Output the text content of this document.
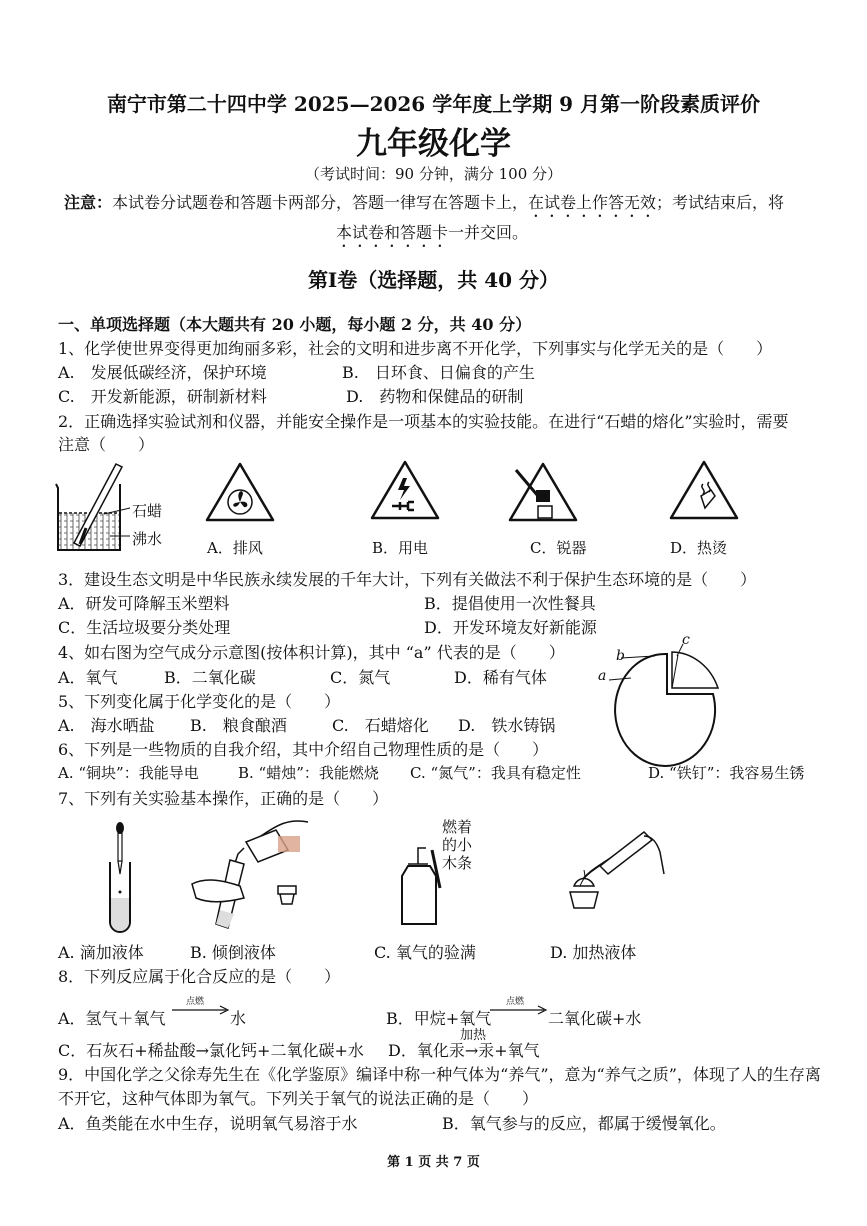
南宁市第二十四中学 2025—2026 学年度上学期 9 月第一阶段素质评价
九年级化学
（考试时间：90 分钟，满分 100 分）
注意：本试卷分试题卷和答题卡两部分，答题一律写在答题卡上，在试卷上作答无效；考试结束后，将
本试卷和答题卡一并交回。
第Ⅰ卷（选择题，共 40 分）
一、单项选择题（本大题共有 20 小题，每小题 2 分，共 40 分）
1、化学使世界变得更加绚丽多彩，社会的文明和进步离不开化学，下列事实与化学无关的是（　　）
A.　发展低碳经济，保护环境	B.　日环食、日偏食的产生
C.　开发新能源，研制新材料	D.　药物和保健品的研制
2．正确选择实验试剂和仪器，并能安全操作是一项基本的实验技能。在进行“石蜡的熔化”实验时，需要
注意（　　）
石蜡
沸水	A．排风	B．用电	C．锐器	D．热烫
3．建设生态文明是中华民族永续发展的千年大计，下列有关做法不利于保护生态环境的是（　　）
A．研发可降解玉米塑料	B．提倡使用一次性餐具
C．生活垃圾要分类处理	D．开发环境友好新能源
4、如右图为空气成分示意图(按体积计算)，其中 “a” 代表的是（　　）
A．氧气	B．二氧化碳	C．氮气	D．稀有气体	a
b
c
5、下列变化属于化学变化的是（　　）
A.　海水晒盐 B.　粮食酿酒	C.　石蜡熔化 D.　铁水铸锅
6、下列是一些物质的自我介绍，其中介绍自己物理性质的是（　　）
A. “铜块”：我能导电	B. “蜡烛”：我能燃烧 C. “氮气”：我具有稳定性	D. “铁钉”：我容易生锈
7、下列有关实验基本操作，正确的是（　　）
燃着
的小
木条
A. 滴加液体	B. 倾倒液体	C. 氧气的验满	D. 加热液体
8．下列反应属于化合反应的是（　　）
A．氢气＋氧气
点燃
→ 水	B．甲烷+氧气
点燃
→ 二氧化碳+水
加热
C．石灰石+稀盐酸→氯化钙+二氧化碳+水 D．氧化汞→汞+氧气
9．中国化学之父徐寿先生在《化学鉴原》编译中称一种气体为“养气”，意为“养气之质”，体现了人的生存离
不开它，这种气体即为氧气。下列关于氧气的说法正确的是（　　）
A．鱼类能在水中生存，说明氧气易溶于水	B．氧气参与的反应，都属于缓慢氧化。
第 1 页 共 7 页
